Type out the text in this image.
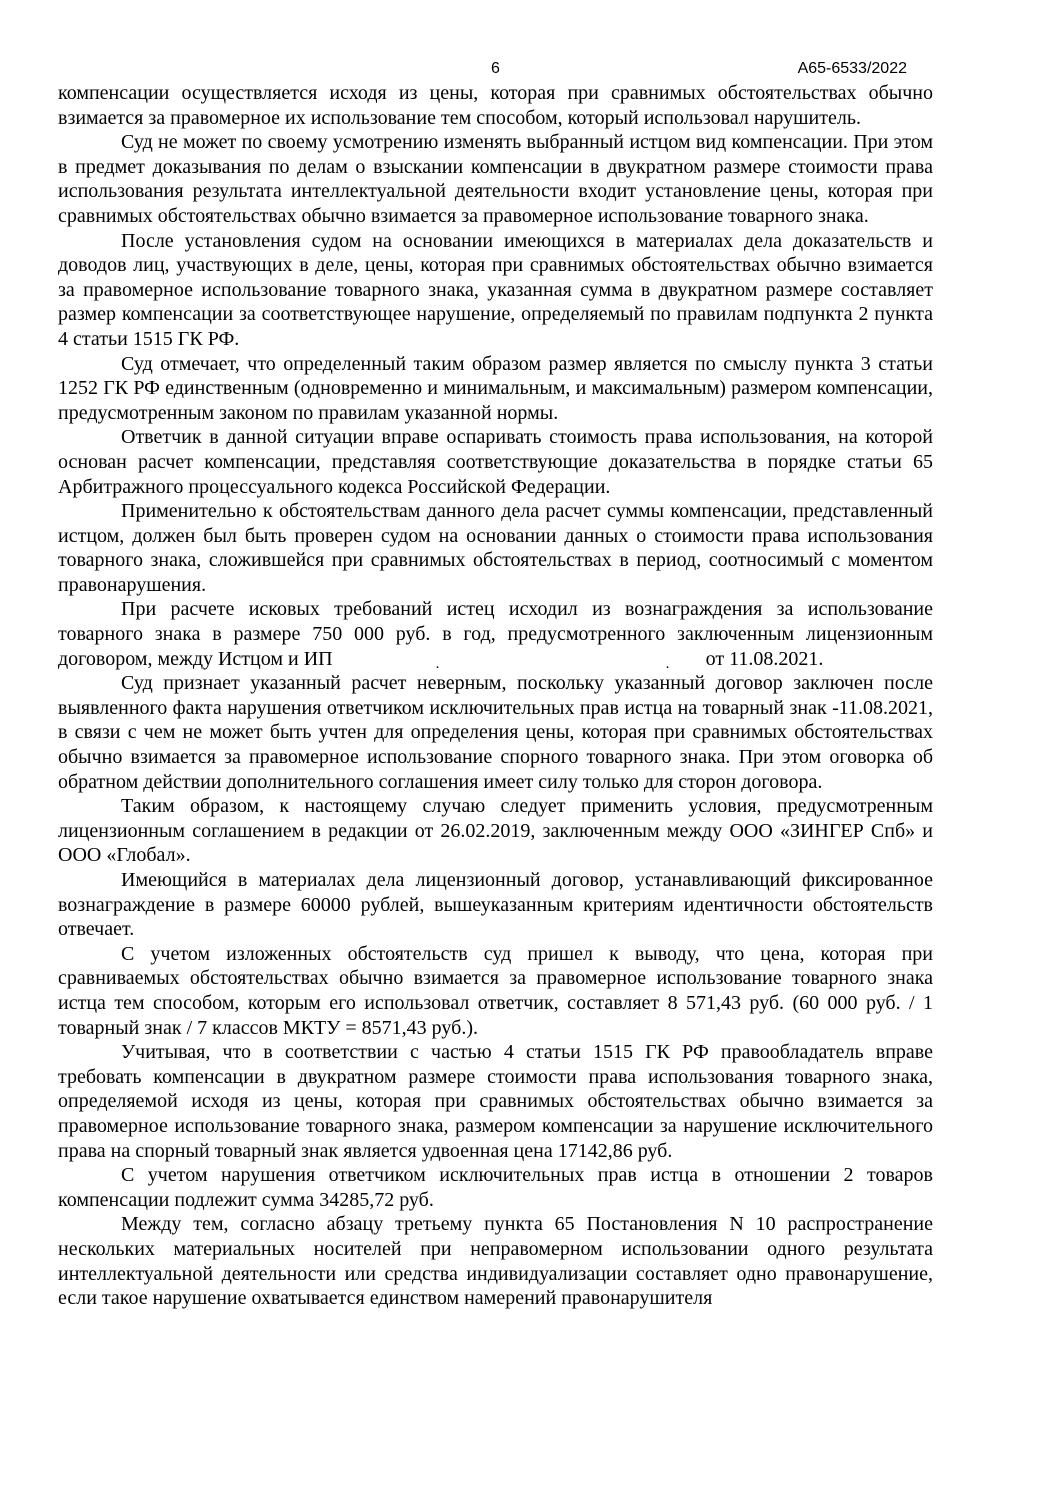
6	А65-6533/2022

компенсации осуществляется исходя из цены, которая при сравнимых обстоятельствах обычно взимается за правомерное их использование тем способом, который использовал нарушитель.

Суд не может по своему усмотрению изменять выбранный истцом вид компенсации. При этом в предмет доказывания по делам о взыскании компенсации в двукратном размере стоимости права использования результата интеллектуальной деятельности входит установление цены, которая при сравнимых обстоятельствах обычно взимается за правомерное использование товарного знака.

После установления судом на основании имеющихся в материалах дела доказательств и доводов лиц, участвующих в деле, цены, которая при сравнимых обстоятельствах обычно взимается за правомерное использование товарного знака, указанная сумма в двукратном размере составляет размер компенсации за соответствующее нарушение, определяемый по правилам подпункта 2 пункта 4 статьи 1515 ГК РФ.

Суд отмечает, что определенный таким образом размер является по смыслу пункта 3 статьи 1252 ГК РФ единственным (одновременно и минимальным, и максимальным) размером компенсации, предусмотренным законом по правилам указанной нормы.

Ответчик в данной ситуации вправе оспаривать стоимость права использования, на которой основан расчет компенсации, представляя соответствующие доказательства в порядке статьи 65 Арбитражного процессуального кодекса Российской Федерации.

Применительно к обстоятельствам данного дела расчет суммы компенсации, представленный истцом, должен был быть проверен судом на основании данных о стоимости права использования товарного знака, сложившейся при сравнимых обстоятельствах в период, соотносимый с моментом правонарушения.

При расчете исковых требований истец исходил из вознаграждения за использование товарного знака в размере 750 000 руб. в год, предусмотренного заключенным лицензионным договором, между Истцом и ИП	.	. от 11.08.2021.

Суд признает указанный расчет неверным, поскольку указанный договор заключен после выявленного факта нарушения ответчиком исключительных прав истца на товарный знак -11.08.2021, в связи с чем не может быть учтен для определения цены, которая при сравнимых обстоятельствах обычно взимается за правомерное использование спорного товарного знака. При этом оговорка об обратном действии дополнительного соглашения имеет силу только для сторон договора.

Таким образом, к настоящему случаю следует применить условия, предусмотренным лицензионным соглашением в редакции от 26.02.2019, заключенным между ООО «ЗИНГЕР Спб» и ООО «Глобал».

Имеющийся в материалах дела лицензионный договор, устанавливающий фиксированное вознаграждение в размере 60000 рублей, вышеуказанным критериям идентичности обстоятельств отвечает.

С учетом изложенных обстоятельств суд пришел к выводу, что цена, которая при сравниваемых обстоятельствах обычно взимается за правомерное использование товарного знака истца тем способом, которым его использовал ответчик, составляет 8 571,43 руб. (60 000 руб. / 1 товарный знак / 7 классов МКТУ = 8571,43 руб.).

Учитывая, что в соответствии с частью 4 статьи 1515 ГК РФ правообладатель вправе требовать компенсации в двукратном размере стоимости права использования товарного знака, определяемой исходя из цены, которая при сравнимых обстоятельствах обычно взимается за правомерное использование товарного знака, размером компенсации за нарушение исключительного права на спорный товарный знак является удвоенная цена 17142,86 руб.

С учетом нарушения ответчиком исключительных прав истца в отношении 2 товаров компенсации подлежит сумма 34285,72 руб.

Между тем, согласно абзацу третьему пункта 65 Постановления N 10 распространение нескольких материальных носителей при неправомерном использовании одного результата интеллектуальной деятельности или средства индивидуализации составляет одно правонарушение, если такое нарушение охватывается единством намерений правонарушителя
